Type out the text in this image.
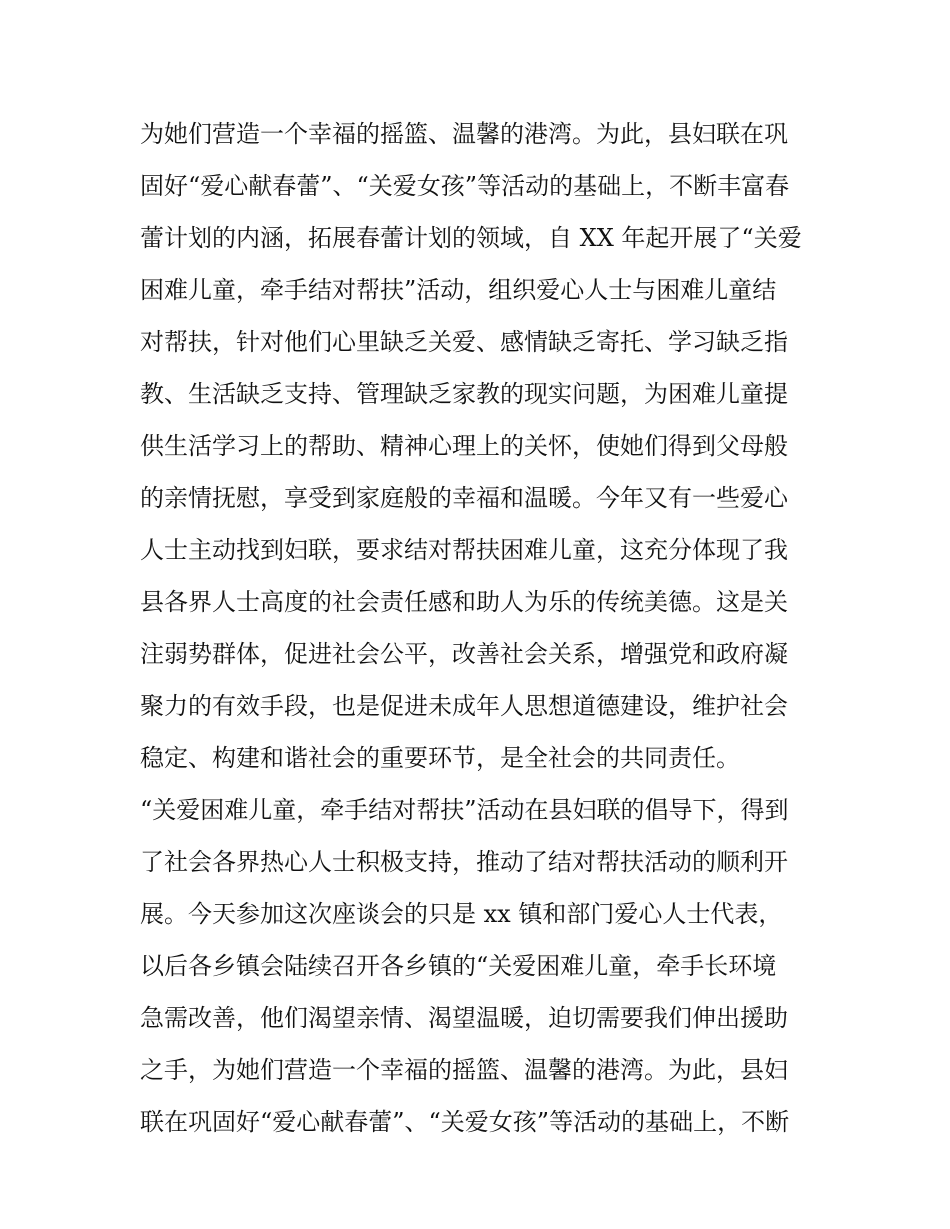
为她们营造一个幸福的摇篮、温馨的港湾。为此，县妇联在巩
固好“爱心献春蕾”、“关爱女孩”等活动的基础上，不断丰富春
蕾计划的内涵，拓展春蕾计划的领域，自 XX 年起开展了“关爱
困难儿童，牵手结对帮扶”活动，组织爱心人士与困难儿童结
对帮扶，针对他们心里缺乏关爱、感情缺乏寄托、学习缺乏指
教、生活缺乏支持、管理缺乏家教的现实问题，为困难儿童提
供生活学习上的帮助、精神心理上的关怀，使她们得到父母般
的亲情抚慰，享受到家庭般的幸福和温暖。今年又有一些爱心
人士主动找到妇联，要求结对帮扶困难儿童，这充分体现了我
县各界人士高度的社会责任感和助人为乐的传统美德。这是关
注弱势群体，促进社会公平，改善社会关系，增强党和政府凝
聚力的有效手段，也是促进未成年人思想道德建设，维护社会
稳定、构建和谐社会的重要环节，是全社会的共同责任。
“关爱困难儿童，牵手结对帮扶”活动在县妇联的倡导下，得到
了社会各界热心人士积极支持，推动了结对帮扶活动的顺利开
展。今天参加这次座谈会的只是 xx 镇和部门爱心人士代表，
以后各乡镇会陆续召开各乡镇的“关爱困难儿童，牵手长环境
急需改善，他们渴望亲情、渴望温暖，迫切需要我们伸出援助
之手，为她们营造一个幸福的摇篮、温馨的港湾。为此，县妇
联在巩固好“爱心献春蕾”、“关爱女孩”等活动的基础上，不断
